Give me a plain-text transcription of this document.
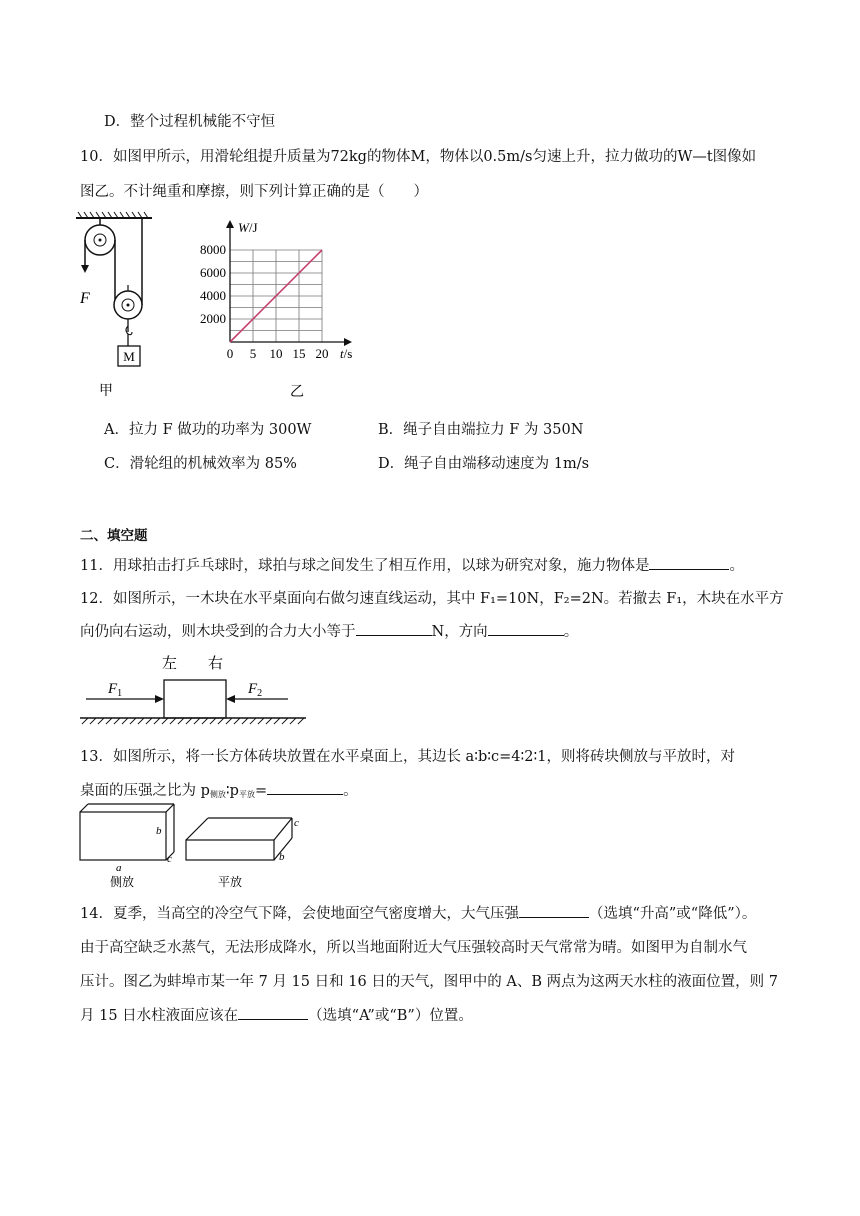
D．整个过程机械能不守恒
10．如图甲所示，用滑轮组提升质量为72kg的物体M，物体以0.5m/s匀速上升，拉力做功的W—t图像如
图乙。不计绳重和摩擦，则下列计算正确的是（　　）
M
F
甲
0 5 10 15 20
2000
4000
6000
8000
W/J
t/s
乙
A．拉力 F 做功的功率为 300W	B．绳子自由端拉力 F 为 350N
C．滑轮组的机械效率为 85%	D．绳子自由端移动速度为 1m/s
二、填空题
11．用球拍击打乒乓球时，球拍与球之间发生了相互作用，以球为研究对象，施力物体是	。
12．如图所示，一木块在水平桌面向右做匀速直线运动，其中 F₁=10N，F₂=2N。若撤去 F₁，木块在水平方
向仍向右运动，则木块受到的合力大小等于	N，方向	。
左 右
$F_1$	$F_2$
13．如图所示，将一长方体砖块放置在水平桌面上，其边长 a∶b∶c=4∶2∶1，则将砖块侧放与平放时，对
桌面的压强之比为 p侧放∶p平放=	。
b
c
a
侧放
c
b
平放
14．夏季，当高空的冷空气下降，会使地面空气密度增大，大气压强	（选填“升高”或“降低”）。
由于高空缺乏水蒸气，无法形成降水，所以当地面附近大气压强较高时天气常常为晴。如图甲为自制水气
压计。图乙为蚌埠市某一年 7 月 15 日和 16 日的天气，图甲中的 A、B 两点为这两天水柱的液面位置，则 7
月 15 日水柱液面应该在	（选填“A”或“B”）位置。
